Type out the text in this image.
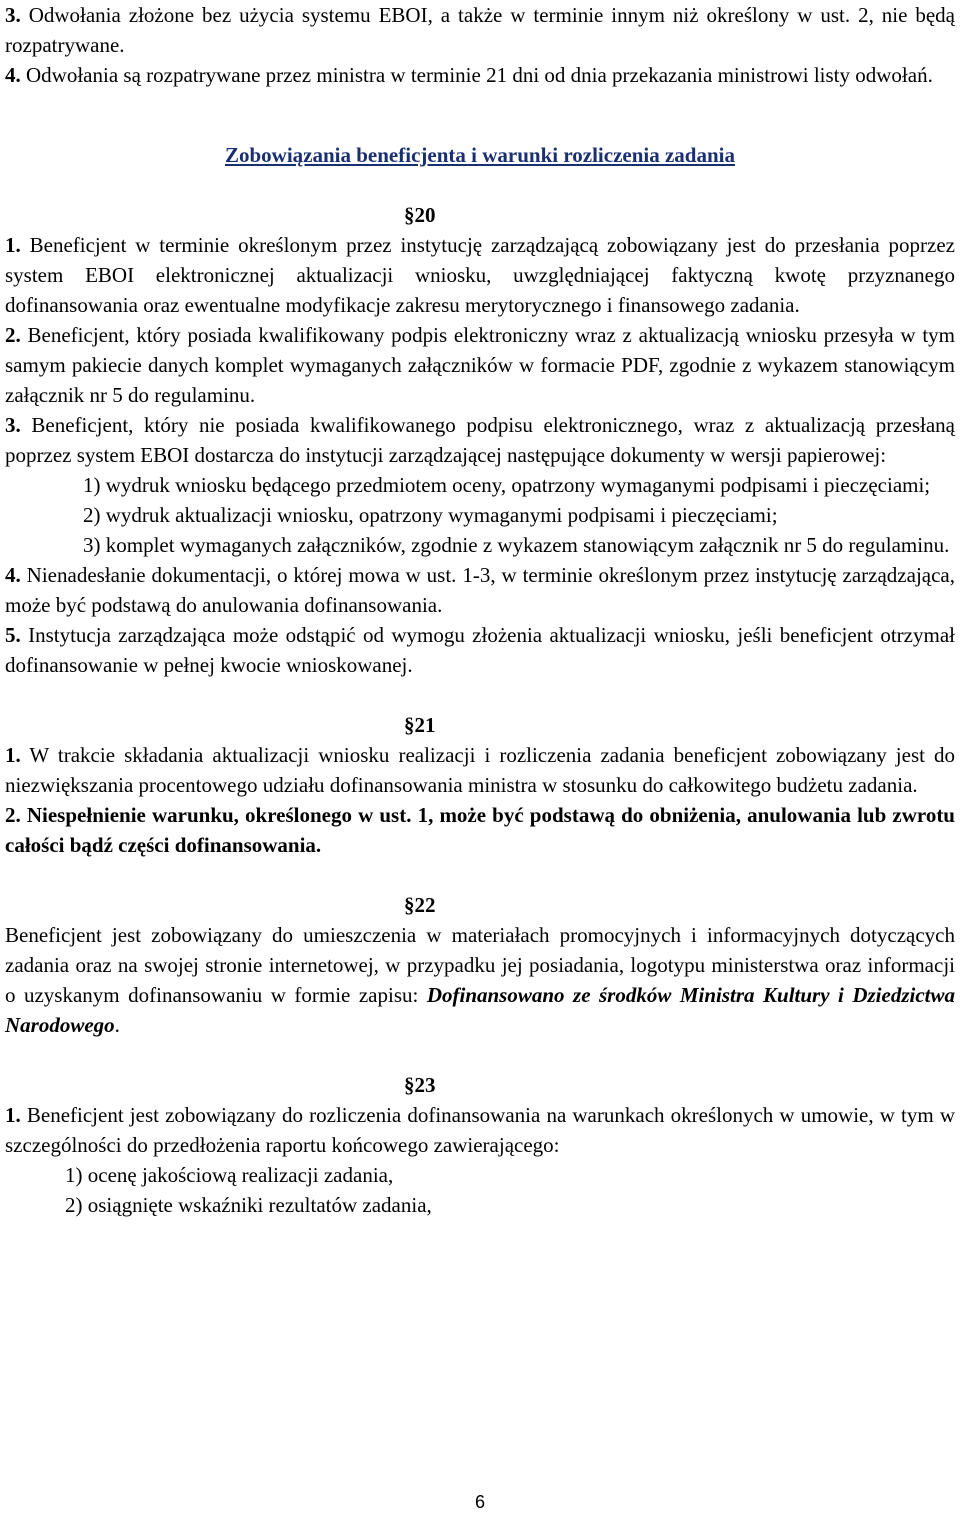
3. Odwołania złożone bez użycia systemu EBOI, a także w terminie innym niż określony w ust. 2, nie będą rozpatrywane.

4. Odwołania są rozpatrywane przez ministra w terminie 21 dni od dnia przekazania ministrowi listy odwołań.

Zobowiązania beneficjenta i warunki rozliczenia zadania

§20

1. Beneficjent w terminie określonym przez instytucję zarządzającą zobowiązany jest do przesłania poprzez system EBOI elektronicznej aktualizacji wniosku, uwzględniającej faktyczną kwotę przyznanego dofinansowania oraz ewentualne modyfikacje zakresu merytorycznego i finansowego zadania.

2. Beneficjent, który posiada kwalifikowany podpis elektroniczny wraz z aktualizacją wniosku przesyła w tym samym pakiecie danych komplet wymaganych załączników w formacie PDF, zgodnie z wykazem stanowiącym załącznik nr 5 do regulaminu.

3. Beneficjent, który nie posiada kwalifikowanego podpisu elektronicznego, wraz z aktualizacją przesłaną poprzez system EBOI dostarcza do instytucji zarządzającej następujące dokumenty w wersji papierowej:

1) wydruk wniosku będącego przedmiotem oceny, opatrzony wymaganymi podpisami i pieczęciami;

2) wydruk aktualizacji wniosku, opatrzony wymaganymi podpisami i pieczęciami;

3) komplet wymaganych załączników, zgodnie z wykazem stanowiącym załącznik nr 5 do regulaminu.

4. Nienadesłanie dokumentacji, o której mowa w ust. 1-3, w terminie określonym przez instytucję zarządzająca, może być podstawą do anulowania dofinansowania.

5. Instytucja zarządzająca może odstąpić od wymogu złożenia aktualizacji wniosku, jeśli beneficjent otrzymał dofinansowanie w pełnej kwocie wnioskowanej.

§21

1. W trakcie składania aktualizacji wniosku realizacji i rozliczenia zadania beneficjent zobowiązany jest do niezwiększania procentowego udziału dofinansowania ministra w stosunku do całkowitego budżetu zadania.

2. Niespełnienie warunku, określonego w ust. 1, może być podstawą do obniżenia, anulowania lub zwrotu całości bądź części dofinansowania.

§22

Beneficjent jest zobowiązany do umieszczenia w materiałach promocyjnych i informacyjnych dotyczących zadania oraz na swojej stronie internetowej, w przypadku jej posiadania, logotypu ministerstwa oraz informacji o uzyskanym dofinansowaniu w formie zapisu: Dofinansowano ze środków Ministra Kultury i Dziedzictwa Narodowego.

§23

1. Beneficjent jest zobowiązany do rozliczenia dofinansowania na warunkach określonych w umowie, w tym w szczególności do przedłożenia raportu końcowego zawierającego:

1) ocenę jakościową realizacji zadania,

2) osiągnięte wskaźniki rezultatów zadania,

6
